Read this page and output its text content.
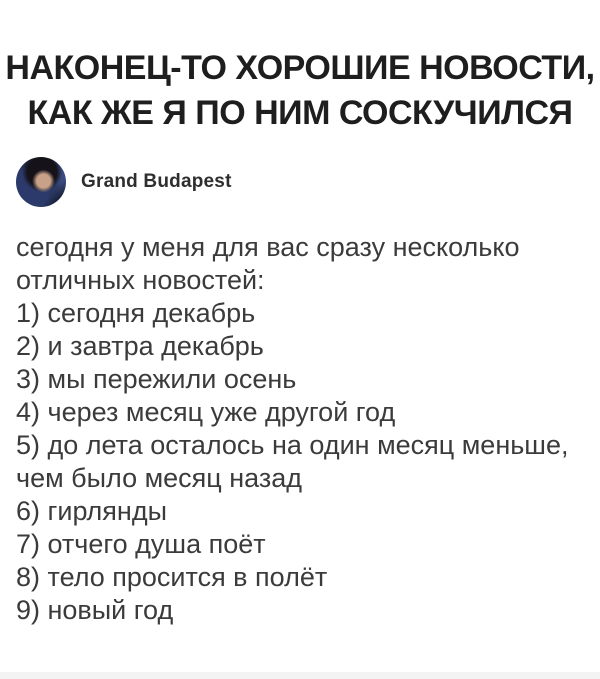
НАКОНЕЦ-ТО ХОРОШИЕ НОВОСТИ,
КАК ЖЕ Я ПО НИМ СОСКУЧИЛСЯ
Grand Budapest
сегодня у меня для вас сразу несколько отличных новостей:
1) сегодня декабрь
2) и завтра декабрь
3) мы пережили осень
4) через месяц уже другой год
5) до лета осталось на один месяц меньше, чем было месяц назад
6) гирлянды
7) отчего душа поёт
8) тело просится в полёт
9) новый год
